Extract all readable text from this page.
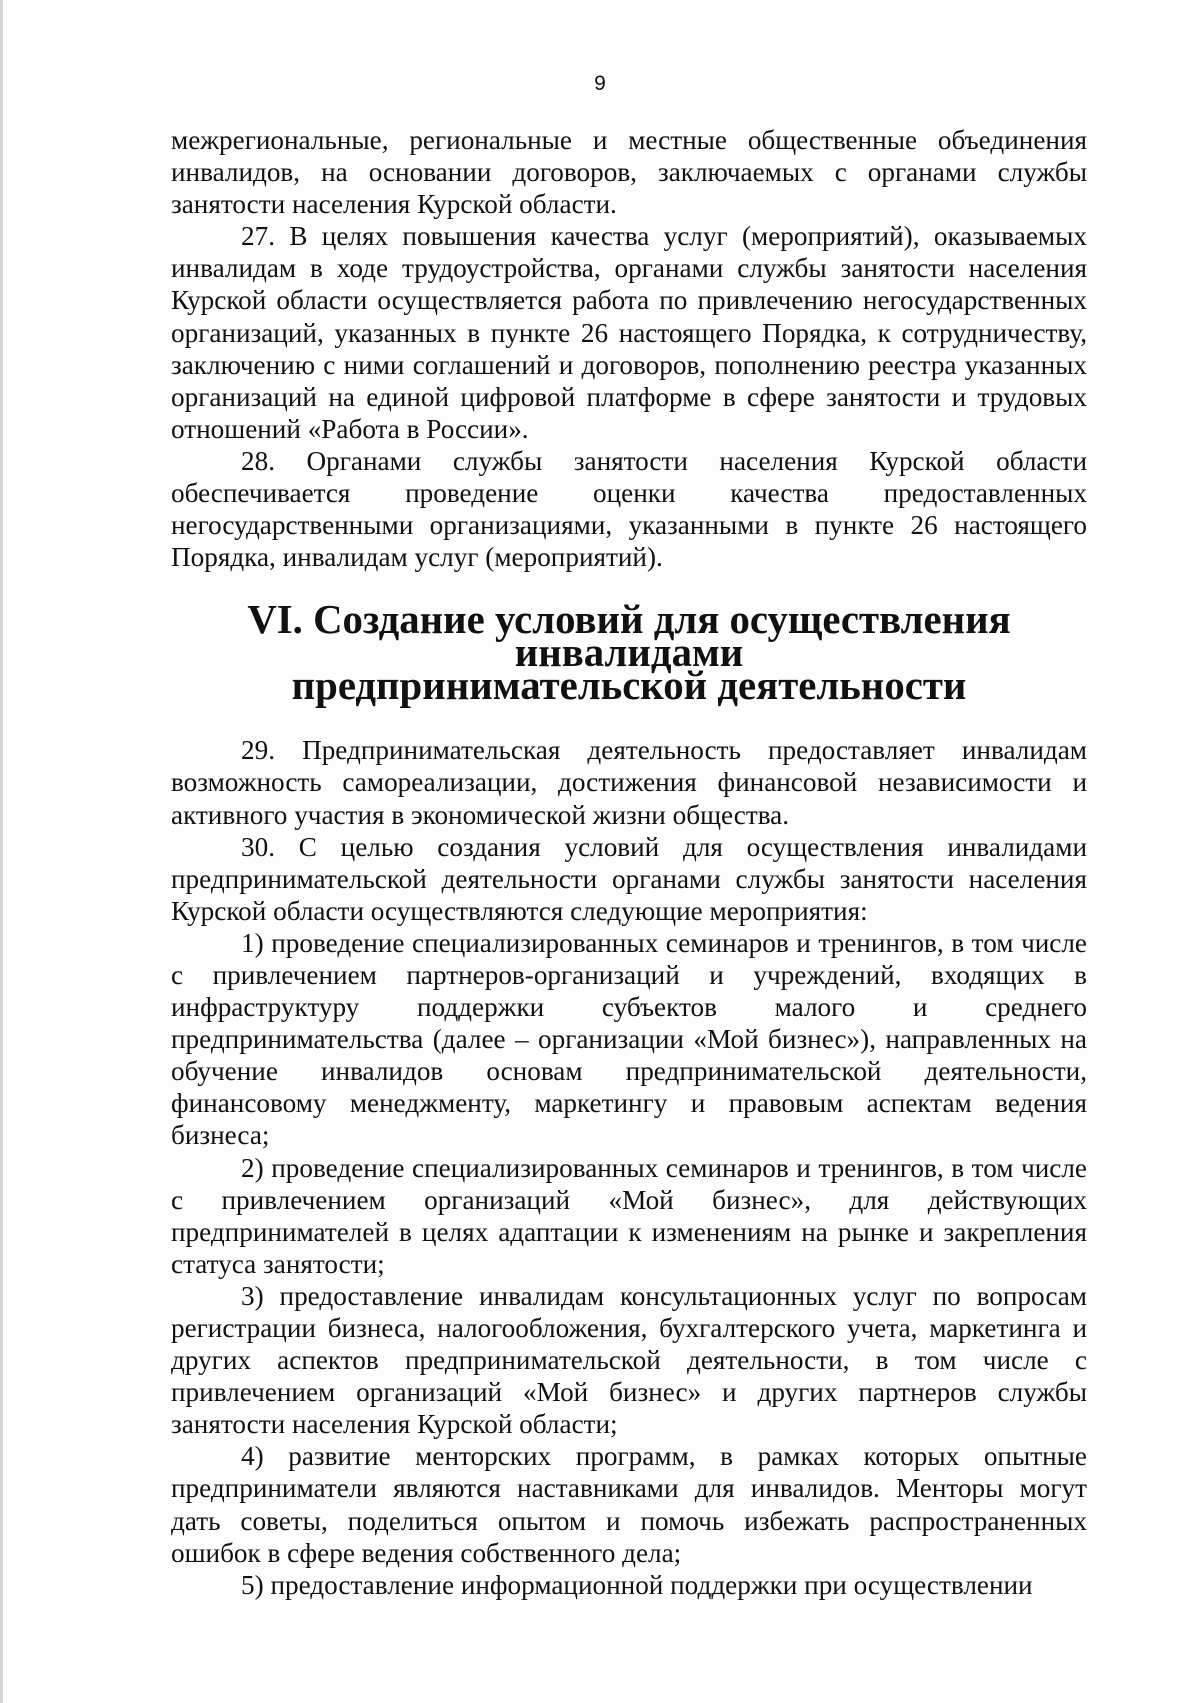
9

межрегиональные, региональные и местные общественные объединения инвалидов, на основании договоров, заключаемых с органами службы занятости населения Курской области.

27. В целях повышения качества услуг (мероприятий), оказываемых инвалидам в ходе трудоустройства, органами службы занятости населения Курской области осуществляется работа по привлечению негосударственных организаций, указанных в пункте 26 настоящего Порядка, к сотрудничеству, заключению с ними соглашений и договоров, пополнению реестра указанных организаций на единой цифровой платформе в сфере занятости и трудовых отношений «Работа в России».

28. Органами службы занятости населения Курской области обеспечивается проведение оценки качества предоставленных негосударственными организациями, указанными в пункте 26 настоящего Порядка, инвалидам услуг (мероприятий).

VI. Создание условий для осуществления инвалидами
предпринимательской деятельности

29. Предпринимательская деятельность предоставляет инвалидам возможность самореализации, достижения финансовой независимости и активного участия в экономической жизни общества.

30. С целью создания условий для осуществления инвалидами предпринимательской деятельности органами службы занятости населения Курской области осуществляются следующие мероприятия:

1) проведение специализированных семинаров и тренингов, в том числе с привлечением партнеров-организаций и учреждений, входящих в инфраструктуру поддержки субъектов малого и среднего предпринимательства (далее – организации «Мой бизнес»), направленных на обучение инвалидов основам предпринимательской деятельности, финансовому менеджменту, маркетингу и правовым аспектам ведения бизнеса;

2) проведение специализированных семинаров и тренингов, в том числе с привлечением организаций «Мой бизнес», для действующих предпринимателей в целях адаптации к изменениям на рынке и закрепления статуса занятости;

3) предоставление инвалидам консультационных услуг по вопросам регистрации бизнеса, налогообложения, бухгалтерского учета, маркетинга и других аспектов предпринимательской деятельности, в том числе с привлечением организаций «Мой бизнес» и других партнеров службы занятости населения Курской области;

4) развитие менторских программ, в рамках которых опытные предприниматели являются наставниками для инвалидов. Менторы могут дать советы, поделиться опытом и помочь избежать распространенных ошибок в сфере ведения собственного дела;

5) предоставление информационной поддержки при осуществлении
